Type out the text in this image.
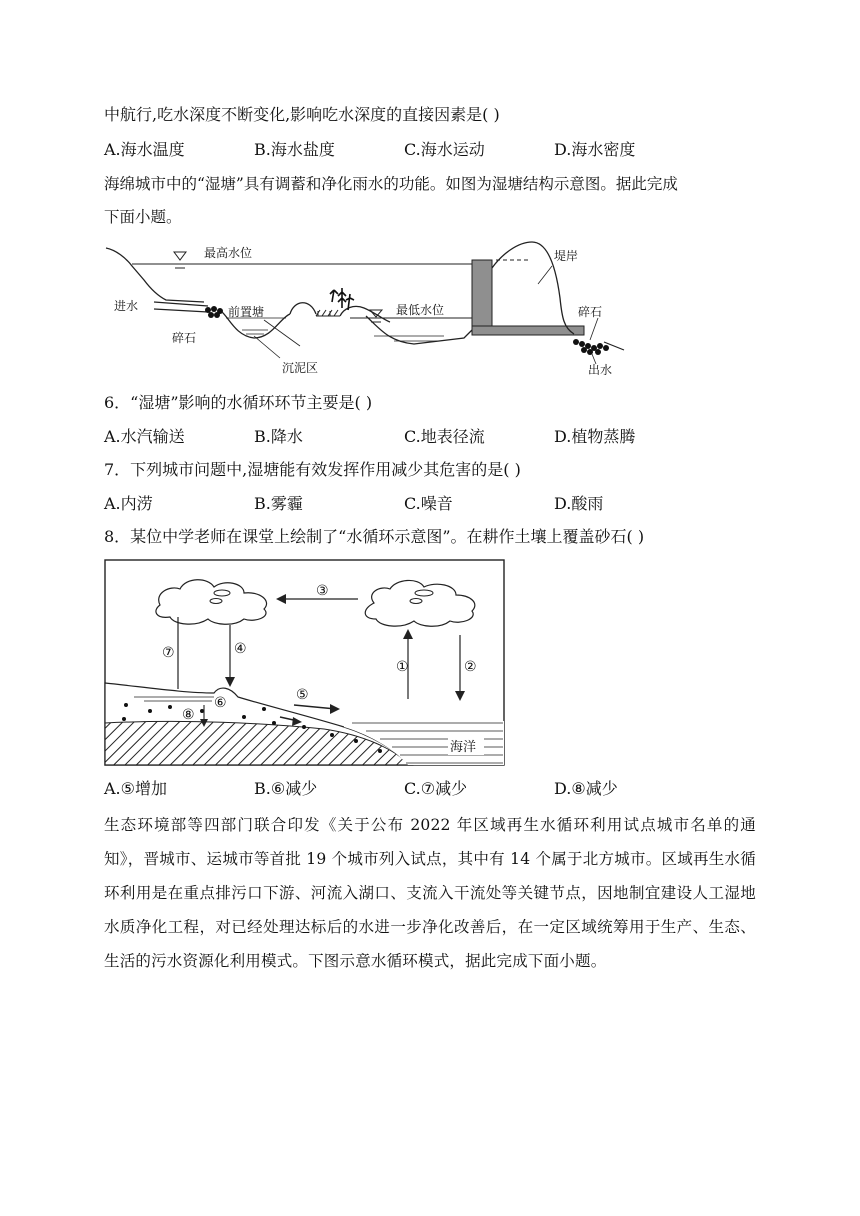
中航行,吃水深度不断变化,影响吃水深度的直接因素是( )
A.海水温度	B.海水盐度	C.海水运动	D.海水密度
海绵城市中的“湿塘”具有调蓄和净化雨水的功能。如图为湿塘结构示意图。据此完成
下面小题。
最高水位
进水
碎石
前置塘	最低水位
沉泥区
堤岸
碎石
出水
6．“湿塘”影响的水循环环节主要是( )
A.水汽输送	B.降水	C.地表径流	D.植物蒸腾
7．下列城市问题中,湿塘能有效发挥作用减少其危害的是( )
A.内涝	B.雾霾	C.噪音	D.酸雨
8．某位中学老师在课堂上绘制了“水循环示意图”。在耕作土壤上覆盖砂石( )
③
⑦	④
①	②
⑤
⑥
⑧
海洋
A.⑤增加	B.⑥减少	C.⑦减少	D.⑧减少
生态环境部等四部门联合印发《关于公布 2022 年区域再生水循环利用试点城市名单的通知》，晋城市、运城市等首批 19 个城市列入试点，其中有 14 个属于北方城市。区域再生水循环利用是在重点排污口下游、河流入湖口、支流入干流处等关键节点，因地制宜建设人工湿地水质净化工程，对已经处理达标后的水进一步净化改善后，在一定区域统筹用于生产、生态、生活的污水资源化利用模式。下图示意水循环模式，据此完成下面小题。
